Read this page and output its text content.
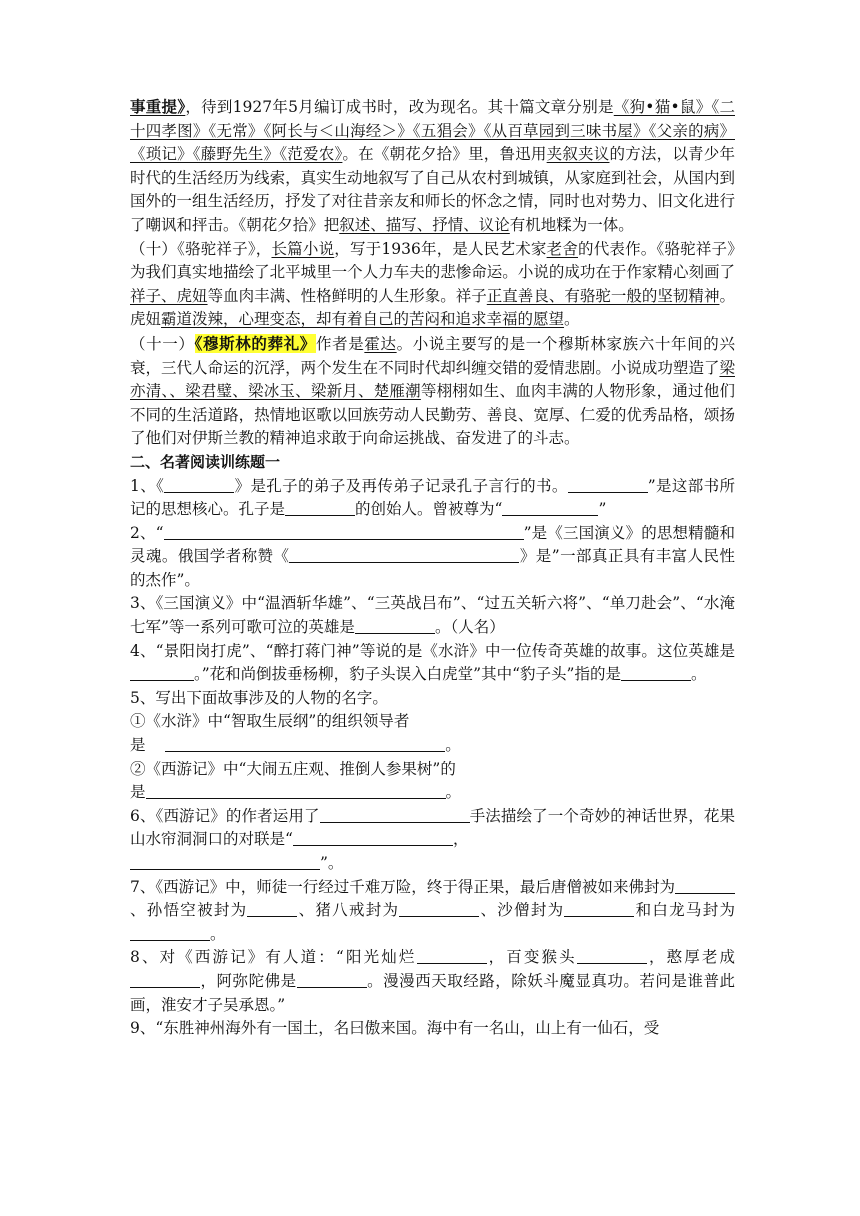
事重提》，待到1927年5月编订成书时，改为现名。其十篇文章分别是《狗•猫•鼠》《二十四孝图》《无常》《阿长与＜山海经＞》《五猖会》《从百草园到三味书屋》《父亲的病》《琐记》《藤野先生》《范爱农》。在《朝花夕拾》里，鲁迅用夹叙夹议的方法，以青少年时代的生活经历为线索，真实生动地叙写了自己从农村到城镇，从家庭到社会，从国内到国外的一组生活经历，抒发了对往昔亲友和师长的怀念之情，同时也对势力、旧文化进行了嘲讽和抨击。《朝花夕拾》把叙述、描写、抒情、议论有机地糅为一体。

（十）《骆驼祥子》，长篇小说，写于1936年，是人民艺术家老舍的代表作。《骆驼祥子》为我们真实地描绘了北平城里一个人力车夫的悲惨命运。小说的成功在于作家精心刻画了祥子、虎妞等血肉丰满、性格鲜明的人生形象。祥子正直善良、有骆驼一般的坚韧精神。虎妞霸道泼辣，心理变态，却有着自己的苦闷和追求幸福的愿望。

（十一）《穆斯林的葬礼》作者是霍达。小说主要写的是一个穆斯林家族六十年间的兴衰，三代人命运的沉浮，两个发生在不同时代却纠缠交错的爱情悲剧。小说成功塑造了梁亦清、、梁君璧、梁冰玉、梁新月、楚雁潮等栩栩如生、血肉丰满的人物形象，通过他们不同的生活道路，热情地讴歌以回族劳动人民勤劳、善良、宽厚、仁爱的优秀品格，颂扬了他们对伊斯兰教的精神追求敢于向命运挑战、奋发进了的斗志。

二、名著阅读训练题一

1、《	》是孔子的弟子及再传弟子记录孔子言行的书。	”是这部书所记的思想核心。孔子是	的创始人。曾被尊为“	”

2、“	”是《三国演义》的思想精髓和灵魂。俄国学者称赞《	》是”一部真正具有丰富人民性的杰作”。

3、《三国演义》中“温酒斩华雄”、“三英战吕布”、“过五关斩六将”、“单刀赴会”、“水淹七军”等一系列可歌可泣的英雄是	。（人名）

4、“景阳岗打虎”、“醉打蒋门神”等说的是《水浒》中一位传奇英雄的故事。这位英雄是。”花和尚倒拔垂杨柳，豹子头误入白虎堂”其中“豹子头”指的是	。

5、写出下面故事涉及的人物的名字。

①《水浒》中“智取生辰纲”的组织领导者

是	。

②《西游记》中“大闹五庄观、推倒人参果树”的

是	。

6、《西游记》的作者运用了	手法描绘了一个奇妙的神话世界，花果山水帘洞洞口的对联是“	，
”。

7、《西游记》中，师徒一行经过千难万险，终于得正果，最后唐僧被如来佛封为、孙悟空被封为	、猪八戒封为	、沙僧封为	和白龙马封为。

8、对《西游记》有人道：“阳光灿烂	，百变猴头	，憨厚老成，阿弥陀佛是	。漫漫西天取经路，除妖斗魔显真功。若问是谁普此画，淮安才子吴承恩。”

9、“东胜神州海外有一国土，名曰傲来国。海中有一名山，山上有一仙石，受
